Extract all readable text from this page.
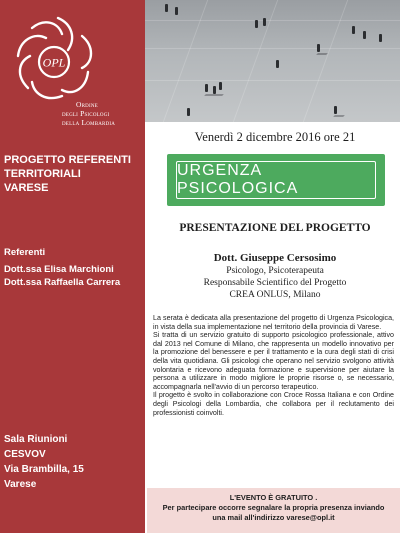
OPL
Ordine
degli Psicologi
della Lombardia
PROGETTO REFERENTI
TERRITORIALI
VARESE
Referenti
Dott.ssa Elisa Marchioni
Dott.ssa Raffaella Carrera
Sala Riunioni
CESVOV
Via Brambilla, 15
Varese
Venerdì 2 dicembre 2016 ore 21
URGENZA PSICOLOGICA
PRESENTAZIONE DEL PROGETTO
Dott. Giuseppe Cersosimo
Psicologo, Psicoterapeuta
Responsabile Scientifico del Progetto
CREA ONLUS, Milano

La serata è dedicata alla presentazione del progetto di Urgenza Psicologica, in vista della sua implementazione nel territorio della provincia di Varese.

Si tratta di un servizio gratuito di supporto psicologico professionale, attivo dal 2013 nel Comune di Milano, che rappresenta un modello innovativo per la promozione del benessere e per il trattamento e la cura degli stati di crisi della vita quotidiana. Gli psicologi che operano nel servizio svolgono attività volontaria e ricevono adeguata formazione e supervisione per aiutare la persona a utilizzare in modo migliore le proprie risorse o, se necessario, accompagnarla nell'avvio di un percorso terapeutico.

Il progetto è svolto in collaborazione con Croce Rossa Italiana e con Ordine degli Psicologi della Lombardia, che collabora per il reclutamento dei professionisti coinvolti.

L'EVENTO È GRATUITO .
Per partecipare occorre segnalare la propria presenza inviando
una mail all'indirizzo varese@opl.it
